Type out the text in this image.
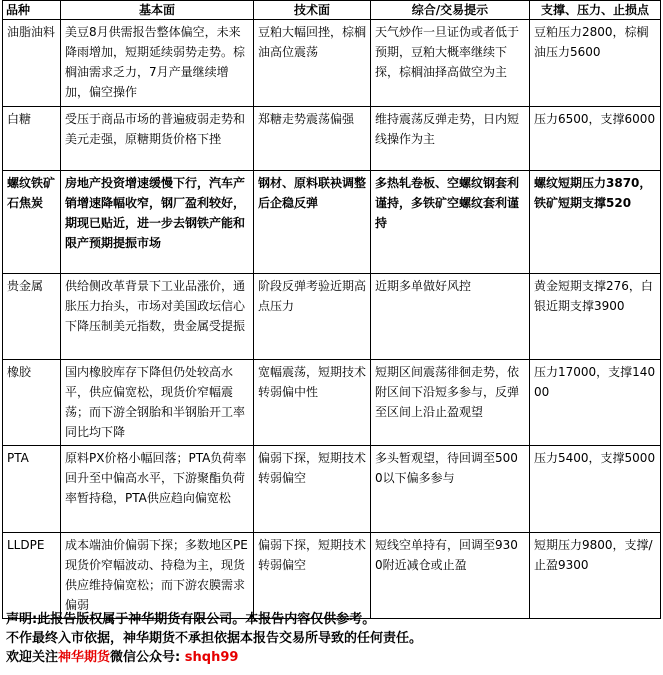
品种	基本面	技术面	综合/交易提示	支撑、压力、止损点
油脂油料	美豆8月供需报告整体偏空，未来降雨增加，短期延续弱势走势。棕榈油需求乏力，7月产量继续增加，偏空操作	豆粕大幅回挫，棕榈油高位震荡	天气炒作一旦证伪或者低于预期，豆粕大概率继续下探，棕榈油择高做空为主	豆粕压力2800，棕榈油压力5600
白糖	受压于商品市场的普遍疲弱走势和美元走强，原糖期货价格下挫	郑糖走势震荡偏强	维持震荡反弹走势，日内短线操作为主	压力6500，支撑6000
螺纹铁矿石焦炭	房地产投资增速缓慢下行，汽车产销增速降幅收窄，钢厂盈利较好，期现已贴近，进一步去钢铁产能和限产预期提振市场	钢材、原料联袂调整后企稳反弹	多热轧卷板、空螺纹钢套利谨持，多铁矿空螺纹套利谨持	螺纹短期压力3870，铁矿短期支撑520
贵金属	供给侧改革背景下工业品涨价，通胀压力抬头，市场对美国政坛信心下降压制美元指数，贵金属受提振	阶段反弹考验近期高点压力	近期多单做好风控	黄金短期支撑276，白银近期支撑3900
橡胶	国内橡胶库存下降但仍处较高水平，供应偏宽松，现货价窄幅震荡；而下游全钢胎和半钢胎开工率同比均下降	宽幅震荡，短期技术转弱偏中性	短期区间震荡徘徊走势，依附区间下沿短多参与，反弹至区间上沿止盈观望	压力17000，支撑14000
PTA	原料PX价格小幅回落；PTA负荷率回升至中偏高水平，下游聚酯负荷率暂持稳，PTA供应趋向偏宽松	偏弱下探，短期技术转弱偏空	多头暂观望，待回调至5000以下偏多参与	压力5400，支撑5000
LLDPE	成本端油价偏弱下探；多数地区PE现货价窄幅波动、持稳为主，现货供应维持偏宽松；而下游农膜需求偏弱	偏弱下探，短期技术转弱偏空	短线空单持有，回调至9300附近减仓或止盈	短期压力9800，支撑/止盈9300
声明:此报告版权属于神华期货有限公司。本报告内容仅供参考。
不作最终入市依据，神华期货不承担依据本报告交易所导致的任何责任。
欢迎关注神华期货微信公众号: shqh99
